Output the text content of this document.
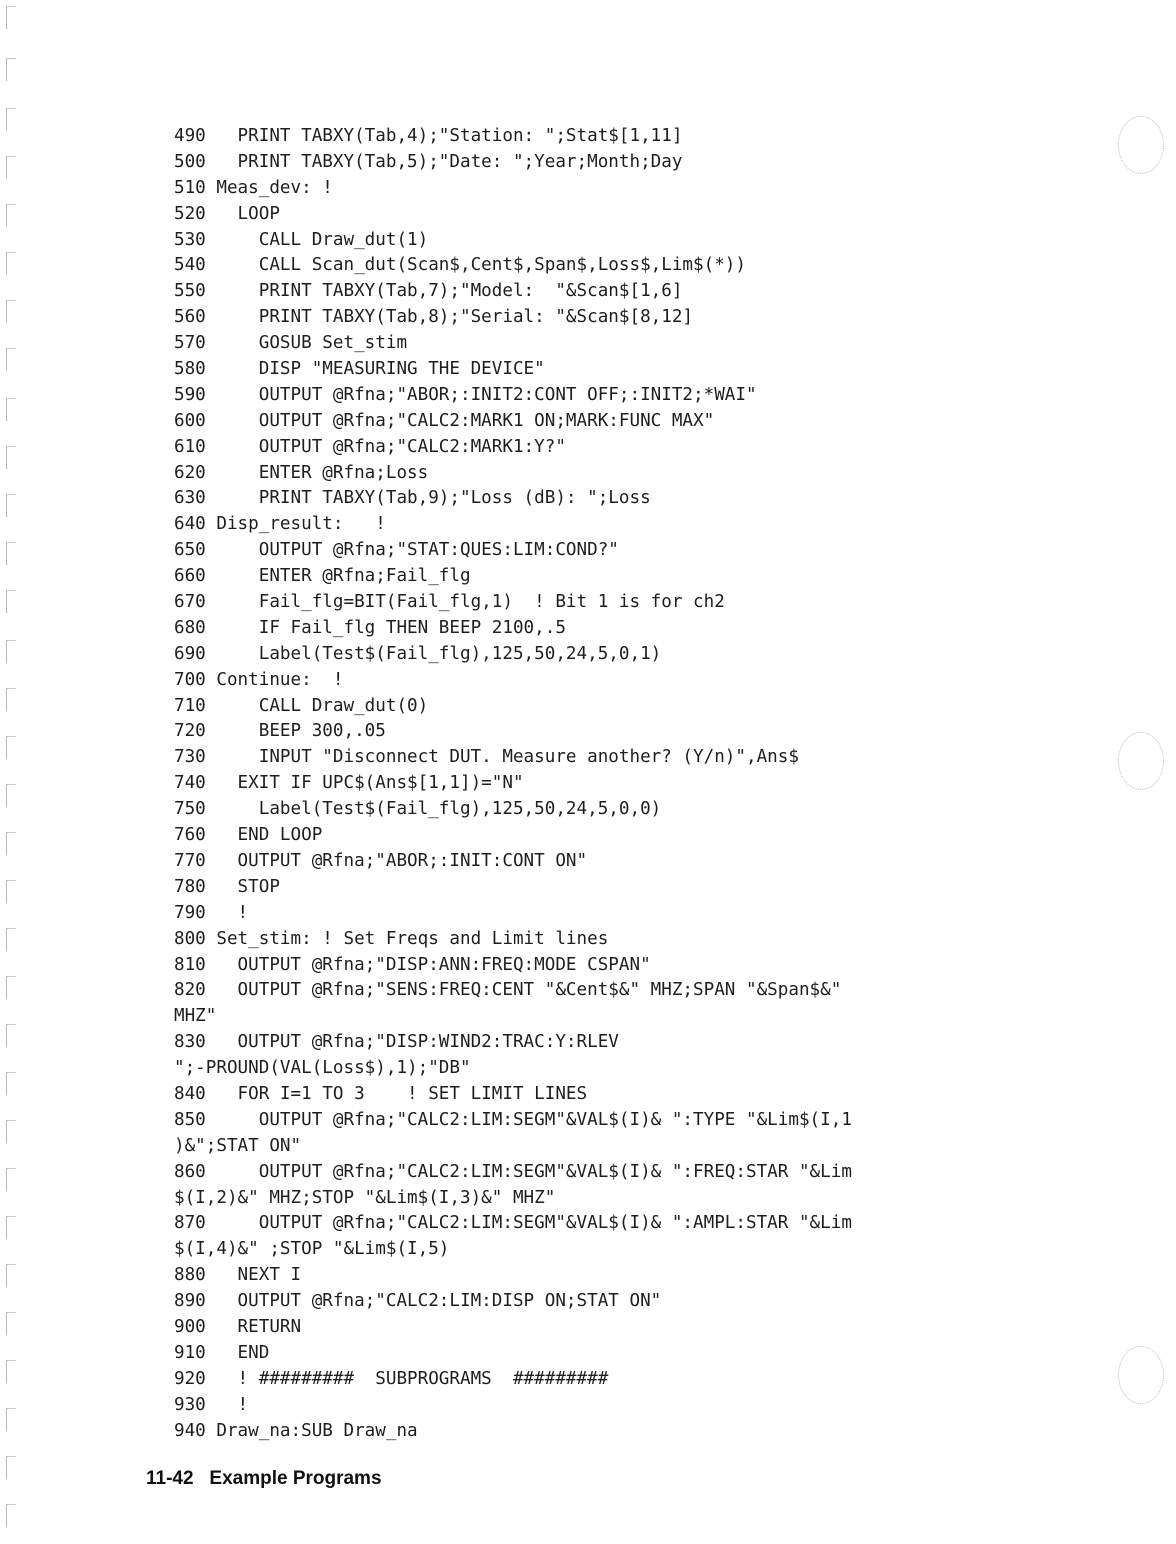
490   PRINT TABXY(Tab,4);"Station: ";Stat$[1,11]
500   PRINT TABXY(Tab,5);"Date: ";Year;Month;Day
510 Meas_dev: !
520   LOOP
530     CALL Draw_dut(1)
540     CALL Scan_dut(Scan$,Cent$,Span$,Loss$,Lim$(*))
550     PRINT TABXY(Tab,7);"Model:  "&Scan$[1,6]
560     PRINT TABXY(Tab,8);"Serial: "&Scan$[8,12]
570     GOSUB Set_stim
580     DISP "MEASURING THE DEVICE"
590     OUTPUT @Rfna;"ABOR;:INIT2:CONT OFF;:INIT2;*WAI"
600     OUTPUT @Rfna;"CALC2:MARK1 ON;MARK:FUNC MAX"
610     OUTPUT @Rfna;"CALC2:MARK1:Y?"
620     ENTER @Rfna;Loss
630     PRINT TABXY(Tab,9);"Loss (dB): ";Loss
640 Disp_result:   !
650     OUTPUT @Rfna;"STAT:QUES:LIM:COND?"
660     ENTER @Rfna;Fail_flg
670     Fail_flg=BIT(Fail_flg,1)  ! Bit 1 is for ch2
680     IF Fail_flg THEN BEEP 2100,.5
690     Label(Test$(Fail_flg),125,50,24,5,0,1)
700 Continue:  !
710     CALL Draw_dut(0)
720     BEEP 300,.05
730     INPUT "Disconnect DUT. Measure another? (Y/n)",Ans$
740   EXIT IF UPC$(Ans$[1,1])="N"
750     Label(Test$(Fail_flg),125,50,24,5,0,0)
760   END LOOP
770   OUTPUT @Rfna;"ABOR;:INIT:CONT ON"
780   STOP
790   !
800 Set_stim: ! Set Freqs and Limit lines
810   OUTPUT @Rfna;"DISP:ANN:FREQ:MODE CSPAN"
820   OUTPUT @Rfna;"SENS:FREQ:CENT "&Cent$&" MHZ;SPAN "&Span$&"
MHZ"
830   OUTPUT @Rfna;"DISP:WIND2:TRAC:Y:RLEV
";-PROUND(VAL(Loss$),1);"DB"
840   FOR I=1 TO 3    ! SET LIMIT LINES
850     OUTPUT @Rfna;"CALC2:LIM:SEGM"&VAL$(I)& ":TYPE "&Lim$(I,1
)&";STAT ON"
860     OUTPUT @Rfna;"CALC2:LIM:SEGM"&VAL$(I)& ":FREQ:STAR "&Lim
$(I,2)&" MHZ;STOP "&Lim$(I,3)&" MHZ"
870     OUTPUT @Rfna;"CALC2:LIM:SEGM"&VAL$(I)& ":AMPL:STAR "&Lim
$(I,4)&" ;STOP "&Lim$(I,5)
880   NEXT I
890   OUTPUT @Rfna;"CALC2:LIM:DISP ON;STAT ON"
900   RETURN
910   END
920   ! #########  SUBPROGRAMS  #########
930   !
940 Draw_na:SUB Draw_na
11-42 Example Programs
